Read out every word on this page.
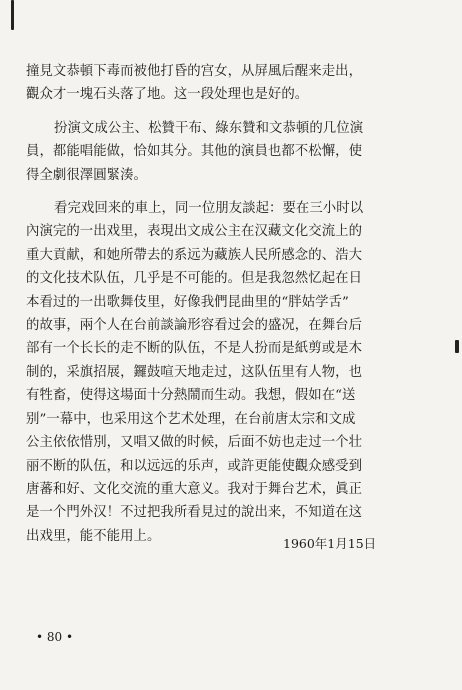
撞見文恭頓下毒而被他打昏的宫女，从屏風后醒来走出，
觀众才一塊石头落了地。这一段处理也是好的。
扮演文成公主、松贊干布、綠东贊和文恭頓的几位演
員，都能唱能做，恰如其分。其他的演員也都不松懈，使
得全劇很澤圓緊湊。
看完戏回来的車上，同一位朋友談起：要在三小时以
內演完的一出戏里，表現出文成公主在汉藏文化交流上的
重大貢献，和她所帶去的系远为藏族人民所感念的、浩大
的文化技术队伍，几乎是不可能的。但是我忽然忆起在日
本看过的一出歌舞伎里，好像我們昆曲里的“胖姑学舌”
的故事，兩个人在台前談論形容看过会的盛况，在舞台后
部有一个长长的走不断的队伍，不是人扮而是紙剪或是木
制的，采旗招展，鑼鼓喧天地走过，这队伍里有人物，也
有牲畜，使得这場面十分熱鬧而生动。我想，假如在“送
别”一幕中，也采用这个艺术处理，在台前唐太宗和文成
公主依依惜別，又唱又做的时候，后面不妨也走过一个壮
丽不断的队伍，和以远远的乐声，或許更能使觀众感受到
唐蕃和好、文化交流的重大意义。我对于舞台艺术，眞正
是一个門外汉！不过把我所看見过的說出来，不知道在这
出戏里，能不能用上。	1960年1月15日
• 80 •
